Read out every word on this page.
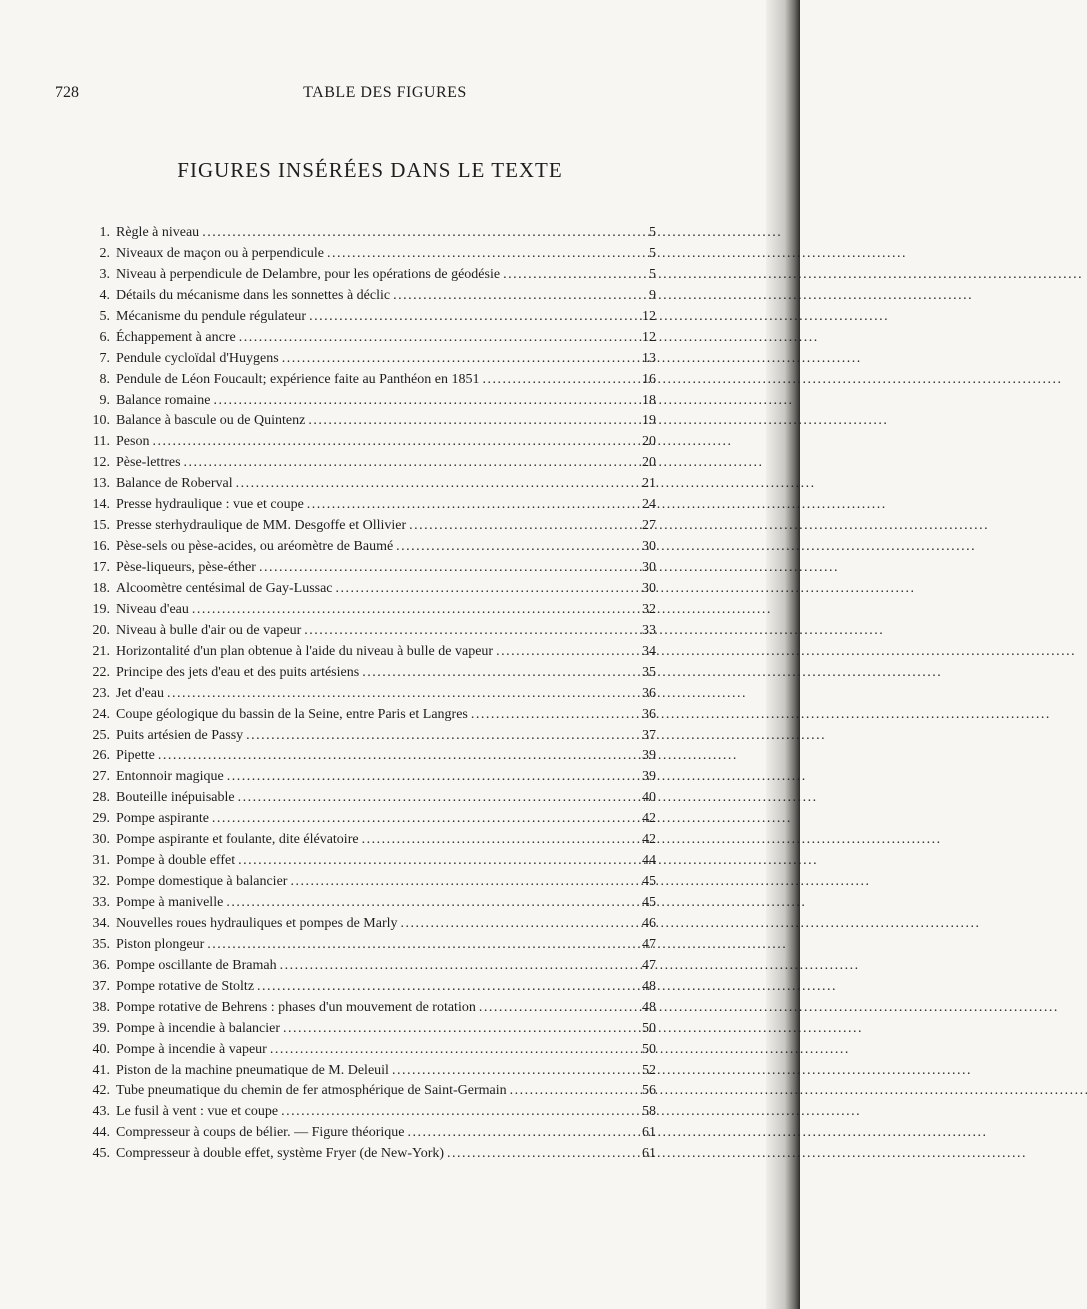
728	TABLE DES FIGURES
FIGURES INSÉRÉES DANS LE TEXTE
1. Règle à niveau . . .	5
2. Niveaux de maçon ou à perpendicule . . .	5
3. Niveau à perpendicule de Delambre, pour les opérations de géodésie . . .	5
4. Détails du mécanisme dans les sonnettes à déclic . . .	9
5. Mécanisme du pendule régulateur . . .	12
6. Échappement à ancre . . .	12
7. Pendule cycloïdal d'Huygens . . .	13
8. Pendule de Léon Foucault; expérience faite au Panthéon en 1851 . . .	16
9. Balance romaine . . .	18
10. Balance à bascule ou de Quintenz . . .	19
11. Peson . . .	20
12. Pèse-lettres . . .	20
13. Balance de Roberval . . .	21
14. Presse hydraulique : vue et coupe . . .	24
15. Presse sterhydraulique de MM. Desgoffe et Ollivier . . .	27
16. Pèse-sels ou pèse-acides, ou aréomètre de Baumé . . .	30
17. Pèse-liqueurs, pèse-éther . . .	30
18. Alcoomètre centésimal de Gay-Lussac . . .	30
19. Niveau d'eau . . .	32
20. Niveau à bulle d'air ou de vapeur . . .	33
21. Horizontalité d'un plan obtenue à l'aide du niveau à bulle de vapeur . . .	34
22. Principe des jets d'eau et des puits artésiens . . .	35
23. Jet d'eau . . .	36
24. Coupe géologique du bassin de la Seine, entre Paris et Langres . . .	36
25. Puits artésien de Passy . . .	37
26. Pipette . . .	39
27. Entonnoir magique . . .	39
28. Bouteille inépuisable . . .	40
29. Pompe aspirante . . .	42
30. Pompe aspirante et foulante, dite élévatoire . . .	42
31. Pompe à double effet . . .	44
32. Pompe domestique à balancier . . .	45
33. Pompe à manivelle . . .	45
34. Nouvelles roues hydrauliques et pompes de Marly . . .	46
35. Piston plongeur . . .	47
36. Pompe oscillante de Bramah . . .	47
37. Pompe rotative de Stoltz . . .	48
38. Pompe rotative de Behrens : phases d'un mouvement de rotation . . .	48
39. Pompe à incendie à balancier . . .	50
40. Pompe à incendie à vapeur . . .	50
41. Piston de la machine pneumatique de M. Deleuil . . .	52
42. Tube pneumatique du chemin de fer atmosphérique de Saint-Germain . . .	56
43. Le fusil à vent : vue et coupe . . .	58
44. Compresseur à coups de bélier. — Figure théorique . . .	61
45. Compresseur à double effet, système Fryer (de New-York) . . .	61
